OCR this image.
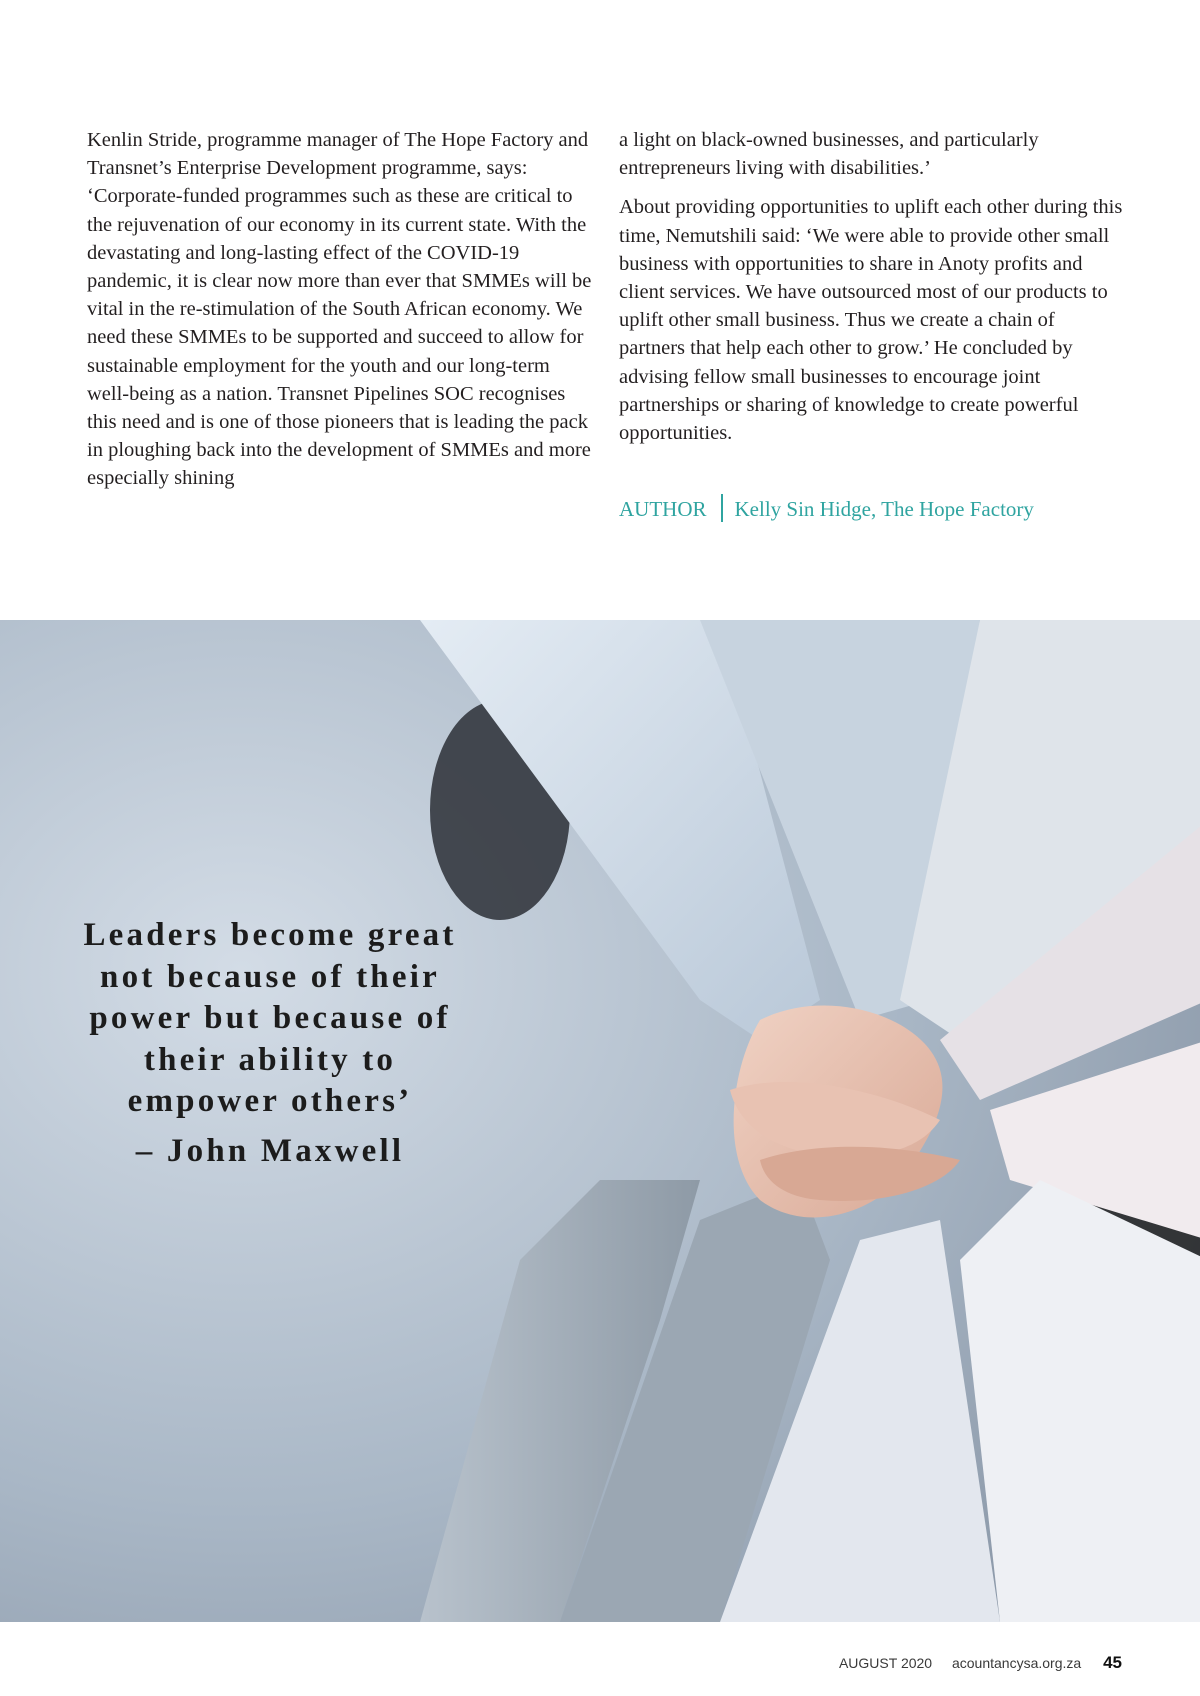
Kenlin Stride, programme manager of The Hope Factory and Transnet’s Enterprise Development programme, says: ‘Corporate-funded programmes such as these are critical to the rejuvenation of our economy in its current state. With the devastating and long-lasting effect of the COVID-19 pandemic, it is clear now more than ever that SMMEs will be vital in the re-stimulation of the South African economy. We need these SMMEs to be supported and succeed to allow for sustainable employment for the youth and our long-term well-being as a nation. Transnet Pipelines SOC recognises this need and is one of those pioneers that is leading the pack in ploughing back into the development of SMMEs and more especially shining

a light on black-owned businesses, and particularly entrepreneurs living with disabilities.’

About providing opportunities to uplift each other during this time, Nemutshili said: ‘We were able to provide other small business with opportunities to share in Anoty profits and client services. We have outsourced most of our products to uplift other small business. Thus we create a chain of partners that help each other to grow.’ He concluded by advising fellow small businesses to encourage joint partnerships or sharing of knowledge to create powerful opportunities.

AUTHOR Kelly Sin Hidge, The Hope Factory
Leaders become great not because of their power but because of their ability to empower others’
– John Maxwell
AUGUST 2020 acountancysa.org.za 45
